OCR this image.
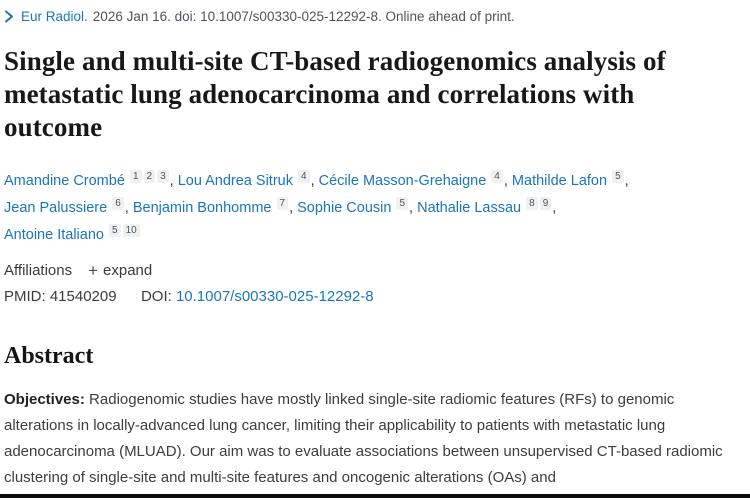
Eur Radiol. 2026 Jan 16. doi: 10.1007/s00330-025-12292-8. Online ahead of print.
Single and multi-site CT-based radiogenomics analysis of metastatic lung adenocarcinoma and correlations with outcome
Amandine Crombé $^1$ $^2$ $^3$ , Lou Andrea Sitruk $^4$ , Cécile Masson-Grehaigne $^4$ , Mathilde Lafon $^5$ ,
Jean Palussiere $^6$ , Benjamin Bonhomme $^7$ , Sophie Cousin $^5$ , Nathalie Lassau $^8$ $^9$ ,
Antoine Italiano $^5$ $^{10}$
Affiliations + expand
PMID: 41540209 DOI: 10.1007/s00330-025-12292-8
Abstract

Objectives: Radiogenomic studies have mostly linked single-site radiomic features (RFs) to genomic alterations in locally-advanced lung cancer, limiting their applicability to patients with metastatic lung adenocarcinoma (MLUAD). Our aim was to evaluate associations between unsupervised CT-based radiomic clustering of single-site and multi-site features and oncogenic alterations (OAs) and
